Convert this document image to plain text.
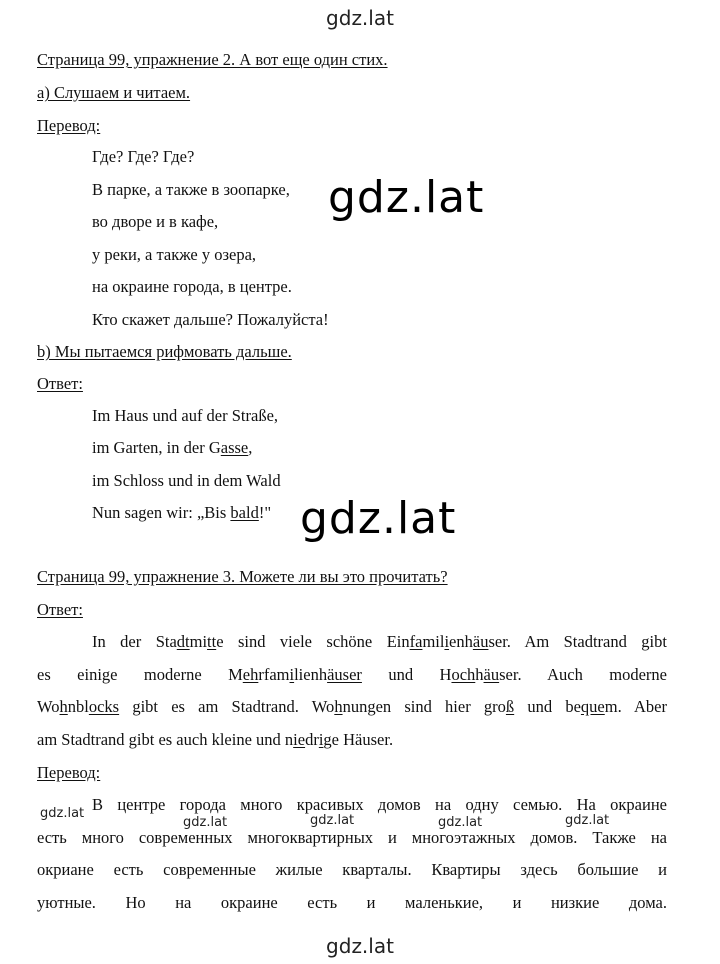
gdz.lat
gdz.lat
gdz.lat
Страница 99, упражнение 2. А вот еще один стих.
а) Слушаем и читаем.
Перевод:
Где? Где? Где?
В парке, а также в зоопарке,
во дворе и в кафе,
у реки, а также у озера,
на окраине города, в центре.
Кто скажет дальше? Пожалуйста!
b) Мы пытаемся рифмовать дальше.
Ответ:
Im Haus und auf der Straße,
im Garten, in der Gasse,
im Schloss und in dem Wald
Nun sagen wir: „Bis bald!"
Страница 99, упражнение 3. Можете ли вы это прочитать?
Ответ:
In der Stadtmitte sind viele schöne Einfamilienhäuser. Am Stadtrand gibt
es einige moderne Mehrfamilienhäuser und Hochhäuser. Auch moderne
Wohnblocks gibt es am Stadtrand. Wohnungen sind hier groß und bequem. Aber
am Stadtrand gibt es auch kleine und niedrige Häuser.
Перевод:
В центре города много красивых домов на одну семью. На окраине
есть много современных многоквартирных и многоэтажных домов. Также на
окриане есть современные жилые кварталы. Квартиры здесь большие и
уютные. Но на окраине есть и маленькие, и низкие дома.
gdz.lat
gdz.lat	gdz.lat	gdz.lat	gdz.lat
gdz.lat
